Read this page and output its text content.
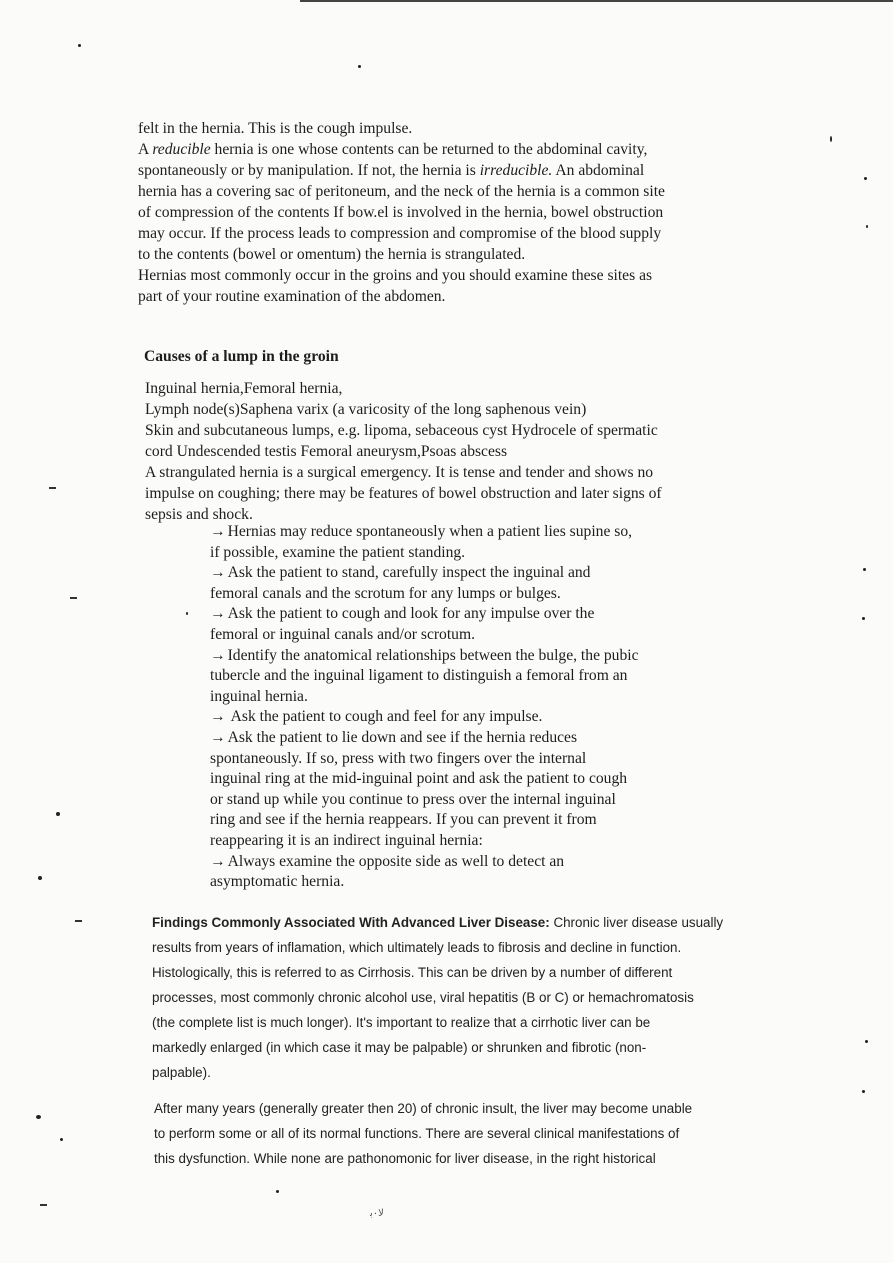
felt in the hernia. This is the cough impulse.
A reducible hernia is one whose contents can be returned to the abdominal cavity,
spontaneously or by manipulation. If not, the hernia is irreducible. An abdominal
hernia has a covering sac of peritoneum, and the neck of the hernia is a common site
of compression of the contents If bow.el is involved in the hernia, bowel obstruction
may occur. If the process leads to compression and compromise of the blood supply
to the contents (bowel or omentum) the hernia is strangulated.
Hernias most commonly occur in the groins and you should examine these sites as
part of your routine examination of the abdomen.
Causes of a lump in the groin
Inguinal hernia,Femoral hernia,
Lymph node(s)Saphena varix (a varicosity of the long saphenous vein)
Skin and subcutaneous lumps, e.g. lipoma, sebaceous cyst Hydrocele of spermatic
cord Undescended testis Femoral aneurysm,Psoas abscess
A strangulated hernia is a surgical emergency. It is tense and tender and shows no
impulse on coughing; there may be features of bowel obstruction and later signs of
sepsis and shock.
→ Hernias may reduce spontaneously when a patient lies supine so,
if possible, examine the patient standing.
→ Ask the patient to stand, carefully inspect the inguinal and
femoral canals and the scrotum for any lumps or bulges.
→ Ask the patient to cough and look for any impulse over the
femoral or inguinal canals and/or scrotum.
→ Identify the anatomical relationships between the bulge, the pubic
tubercle and the inguinal ligament to distinguish a femoral from an
inguinal hernia.
→ Ask the patient to cough and feel for any impulse.
→ Ask the patient to lie down and see if the hernia reduces
spontaneously. If so, press with two fingers over the internal
inguinal ring at the mid-inguinal point and ask the patient to cough
or stand up while you continue to press over the internal inguinal
ring and see if the hernia reappears. If you can prevent it from
reappearing it is an indirect inguinal hernia:
→ Always examine the opposite side as well to detect an
asymptomatic hernia.
Findings Commonly Associated With Advanced Liver Disease: Chronic liver disease usually
results from years of inflamation, which ultimately leads to fibrosis and decline in function.
Histologically, this is referred to as Cirrhosis. This can be driven by a number of different
processes, most commonly chronic alcohol use, viral hepatitis (B or C) or hemachromatosis
(the complete list is much longer). It's important to realize that a cirrhotic liver can be
markedly enlarged (in which case it may be palpable) or shrunken and fibrotic (non-
palpable).
After many years (generally greater then 20) of chronic insult, the liver may become unable
to perform some or all of its normal functions. There are several clinical manifestations of
this dysfunction. While none are pathonomonic for liver disease, in the right historical
ﻻ٠ﺑ
